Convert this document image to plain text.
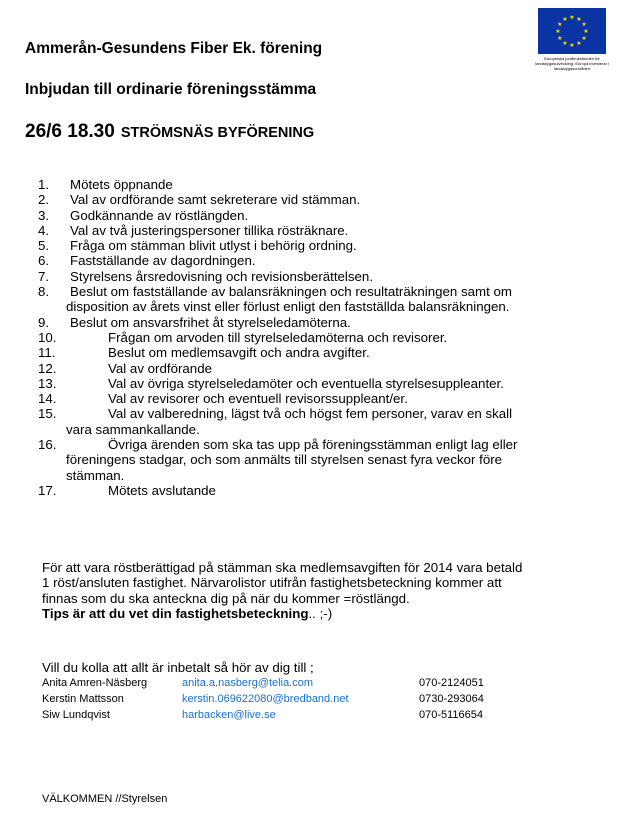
★ ★
★
★
★
★
★
★
★
★
★
★
Europeiska jordbruksfonden för landsbygdsutveckling: Europa investerar i landsbygdsområden
Ammerån-Gesundens Fiber Ek. förening
Inbjudan till ordinarie föreningsstämma
26/6 18.30 STRÖMSNÄS BYFÖRENING
1.	Mötets öppnande
2.	Val av ordförande samt sekreterare vid stämman.
3.	Godkännande av röstlängden.
4.	Val av två justeringspersoner tillika rösträknare.
5.	Fråga om stämman blivit utlyst i behörig ordning.
6.	Fastställande av dagordningen.
7.	Styrelsens årsredovisning och revisionsberättelsen.
8.	Beslut om fastställande av balansräkningen och resultaträkningen samt om
disposition av årets vinst eller förlust enligt den fastställda balansräkningen.
9.	Beslut om ansvarsfrihet åt styrelseledamöterna.
10.	Frågan om arvoden till styrelseledamöterna och revisorer.
11.	Beslut om medlemsavgift och andra avgifter.
12.	Val av ordförande
13.	Val av övriga styrelseledamöter och eventuella styrelsesuppleanter.
14.	Val av revisorer och eventuell revisorssuppleant/er.
15.	Val av valberedning, lägst två och högst fem personer, varav en skall
vara sammankallande.
16.	Övriga ärenden som ska tas upp på föreningsstämman enligt lag eller
föreningens stadgar, och som anmälts till styrelsen senast fyra veckor före
stämman.
17.	Mötets avslutande
För att vara röstberättigad på stämman ska medlemsavgiften för 2014 vara betald
1 röst/ansluten fastighet. Närvarolistor utifrån fastighetsbeteckning kommer att
finnas som du ska anteckna dig på när du kommer =röstlängd.
Tips är att du vet din fastighetsbeteckning.. ;-)
Vill du kolla att allt är inbetalt så hör av dig till ;
Anita Amren-Näsberg	anita.a.nasberg@telia.com	070-2124051
Kerstin Mattsson	kerstin.069622080@bredband.net	0730-293064
Siw Lundqvist	harbacken@live.se	070-5116654
VÄLKOMMEN //Styrelsen
